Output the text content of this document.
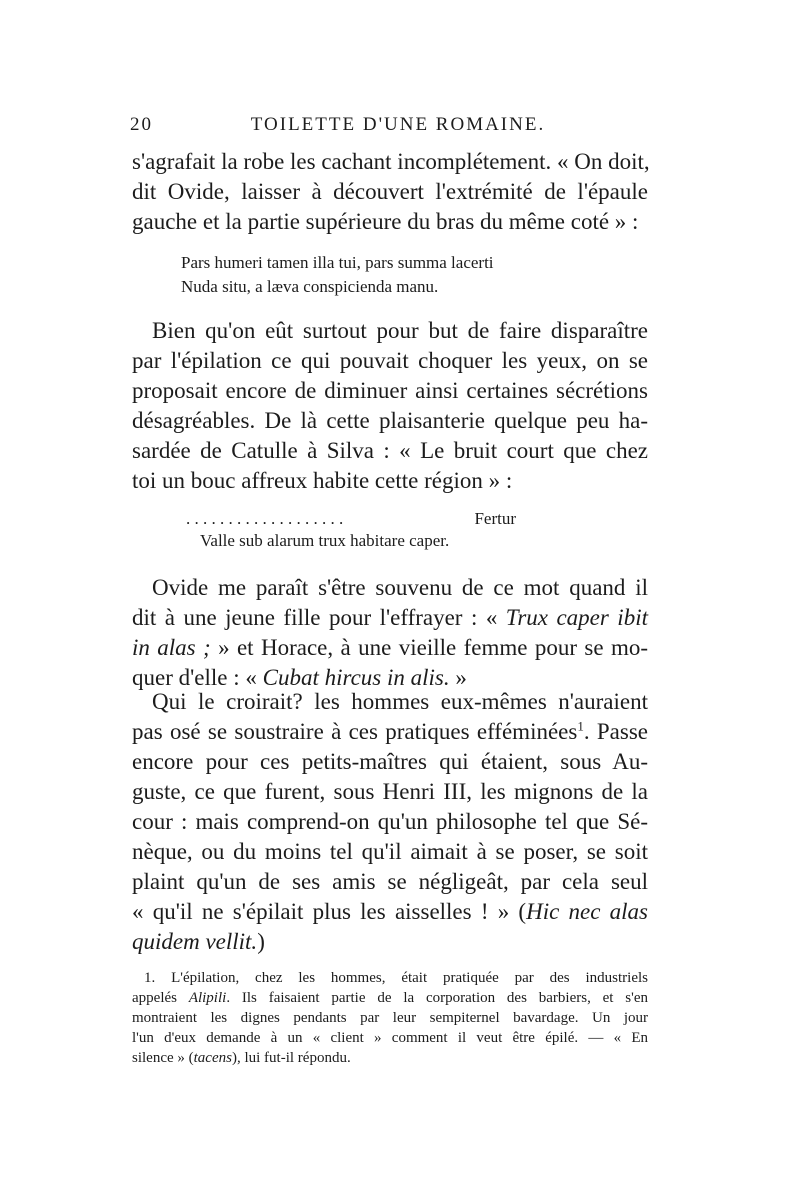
20	TOILETTE D'UNE ROMAINE.
s'agrafait la robe les cachant incomplétement. « On doit,
dit Ovide, laisser à découvert l'extrémité de l'épaule
gauche et la partie supérieure du bras du même coté » :
Pars humeri tamen illa tui, pars summa lacerti
Nuda situ, a læva conspicienda manu.
Bien qu'on eût surtout pour but de faire disparaître
par l'épilation ce qui pouvait choquer les yeux, on se
proposait encore de diminuer ainsi certaines sécrétions
désagréables. De là cette plaisanterie quelque peu ha-
sardée de Catulle à Silva : « Le bruit court que chez
toi un bouc affreux habite cette région » :
. . . . . . . . . . . . . . . . . . .	Fertur
Valle sub alarum trux habitare caper.
Ovide me paraît s'être souvenu de ce mot quand il
dit à une jeune fille pour l'effrayer : « Trux caper ibit
in alas ; » et Horace, à une vieille femme pour se mo-
quer d'elle : « Cubat hircus in alis. »
Qui le croirait? les hommes eux-mêmes n'auraient
pas osé se soustraire à ces pratiques efféminées$^1$. Passe
encore pour ces petits-maîtres qui étaient, sous Au-
guste, ce que furent, sous Henri III, les mignons de la
cour : mais comprend-on qu'un philosophe tel que Sé-
nèque, ou du moins tel qu'il aimait à se poser, se soit
plaint qu'un de ses amis se négligeât, par cela seul
« qu'il ne s'épilait plus les aisselles ! » (Hic nec alas
quidem vellit.)
1. L'épilation, chez les hommes, était pratiquée par des industriels
appelés Alipili. Ils faisaient partie de la corporation des barbiers, et s'en
montraient les dignes pendants par leur sempiternel bavardage. Un jour
l'un d'eux demande à un « client » comment il veut être épilé. — « En
silence » (tacens), lui fut-il répondu.
